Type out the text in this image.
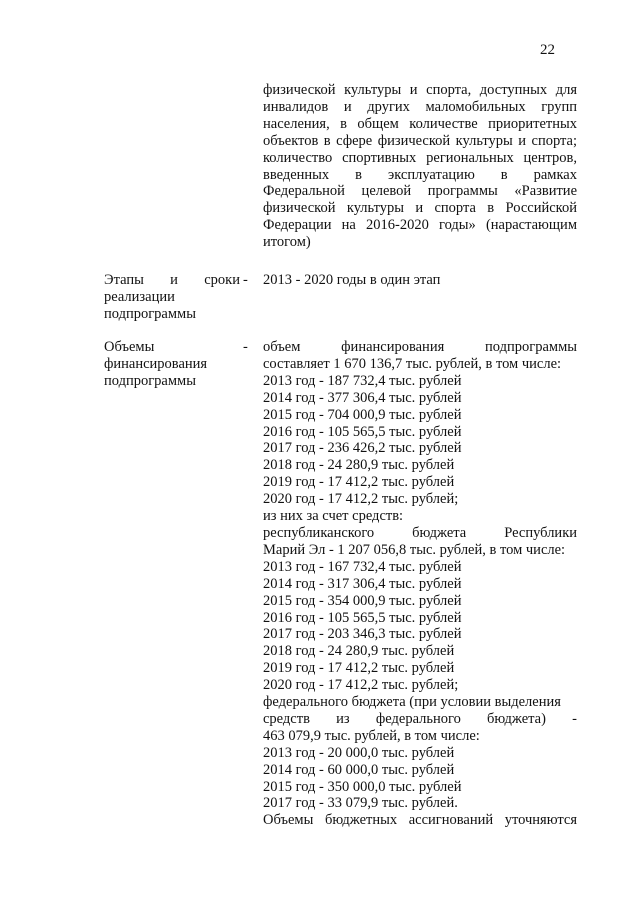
22
физической культуры и спорта, доступных для
инвалидов и других маломобильных групп
населения, в общем количестве приоритетных
объектов в сфере физической культуры и спорта;
количество спортивных региональных центров,
введенных в эксплуатацию в рамках
Федеральной целевой программы «Развитие
физической культуры и спорта в Российской
Федерации на 2016-2020 годы» (нарастающим
итогом)
Этапы и сроки
реализации
подпрограммы
- 2013 - 2020 годы в один этап
Объемы
финансирования
подпрограммы
- объем финансирования подпрограммы
составляет 1 670 136,7 тыс. рублей, в том числе:
2013 год - 187 732,4 тыс. рублей
2014 год - 377 306,4 тыс. рублей
2015 год - 704 000,9 тыс. рублей
2016 год - 105 565,5 тыс. рублей
2017 год - 236 426,2 тыс. рублей
2018 год - 24 280,9 тыс. рублей
2019 год - 17 412,2 тыс. рублей
2020 год - 17 412,2 тыс. рублей;
из них за счет средств:
республиканского бюджета Республики
Марий Эл - 1 207 056,8 тыс. рублей, в том числе:
2013 год - 167 732,4 тыс. рублей
2014 год - 317 306,4 тыс. рублей
2015 год - 354 000,9 тыс. рублей
2016 год - 105 565,5 тыс. рублей
2017 год - 203 346,3 тыс. рублей
2018 год - 24 280,9 тыс. рублей
2019 год - 17 412,2 тыс. рублей
2020 год - 17 412,2 тыс. рублей;
федерального бюджета (при условии выделения
средств из федерального бюджета) -
463 079,9 тыс. рублей, в том числе:
2013 год - 20 000,0 тыс. рублей
2014 год - 60 000,0 тыс. рублей
2015 год - 350 000,0 тыс. рублей
2017 год - 33 079,9 тыс. рублей.
Объемы бюджетных ассигнований уточняются
